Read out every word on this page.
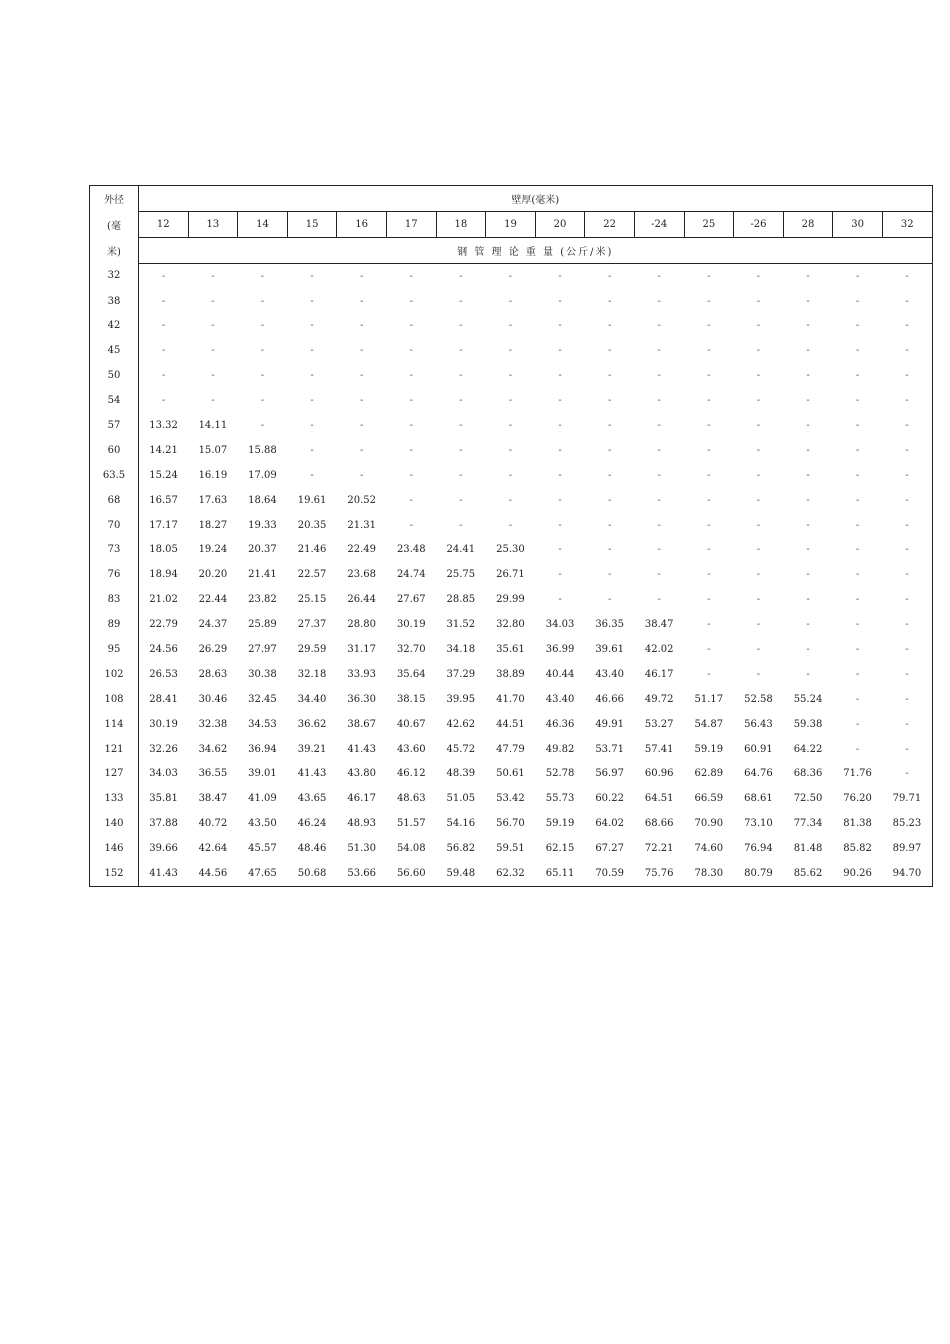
外径	壁厚(毫米)															
(毫	12	13	14	15	16	17	18	19	20	22	-24	25	-26	28	30	32
米)	钢 管 理 论 重 量 (公斤/米)															
32	-	-	-	-	-	-	-	-	-	-	-	-	-	-	-	-
38	-	-	-	-	-	-	-	-	-	-	-	-	-	-	-	-
42	-	-	-	-	-	-	-	-	-	-	-	-	-	-	-	-
45	-	-	-	-	-	-	-	-	-	-	-	-	-	-	-	-
50	-	-	-	-	-	-	-	-	-	-	-	-	-	-	-	-
54	-	-	-	-	-	-	-	-	-	-	-	-	-	-	-	-
57	13.32	14.11	-	-	-	-	-	-	-	-	-	-	-	-	-	-
60	14.21	15.07	15.88	-	-	-	-	-	-	-	-	-	-	-	-	-
63.5	15.24	16.19	17.09	-	-	-	-	-	-	-	-	-	-	-	-	-
68	16.57	17.63	18.64	19.61	20.52	-	-	-	-	-	-	-	-	-	-	-
70	17.17	18.27	19.33	20.35	21.31	-	-	-	-	-	-	-	-	-	-	-
73	18.05	19.24	20.37	21.46	22.49	23.48	24.41	25.30	-	-	-	-	-	-	-	-
76	18.94	20.20	21.41	22.57	23.68	24.74	25.75	26.71	-	-	-	-	-	-	-	-
83	21.02	22.44	23.82	25.15	26.44	27.67	28.85	29.99	-	-	-	-	-	-	-	-
89	22.79	24.37	25.89	27.37	28.80	30.19	31.52	32.80	34.03	36.35	38.47	-	-	-	-	-
95	24.56	26.29	27.97	29.59	31.17	32.70	34.18	35.61	36.99	39.61	42.02	-	-	-	-	-
102	26.53	28.63	30.38	32.18	33.93	35.64	37.29	38.89	40.44	43.40	46.17	-	-	-	-	-
108	28.41	30.46	32.45	34.40	36.30	38.15	39.95	41.70	43.40	46.66	49.72	51.17	52.58	55.24	-	-
114	30.19	32.38	34.53	36.62	38.67	40.67	42.62	44.51	46.36	49.91	53.27	54.87	56.43	59.38	-	-
121	32.26	34.62	36.94	39.21	41.43	43.60	45.72	47.79	49.82	53.71	57.41	59.19	60.91	64.22	-	-
127	34.03	36.55	39.01	41.43	43.80	46.12	48.39	50.61	52.78	56.97	60.96	62.89	64.76	68.36	71.76	-
133	35.81	38.47	41.09	43.65	46.17	48.63	51.05	53.42	55.73	60.22	64.51	66.59	68.61	72.50	76.20	79.71
140	37.88	40.72	43.50	46.24	48.93	51.57	54.16	56.70	59.19	64.02	68.66	70.90	73.10	77.34	81.38	85.23
146	39.66	42.64	45.57	48.46	51.30	54.08	56.82	59.51	62.15	67.27	72.21	74.60	76.94	81.48	85.82	89.97
152	41.43	44.56	47.65	50.68	53.66	56.60	59.48	62.32	65.11	70.59	75.76	78.30	80.79	85.62	90.26	94.70
